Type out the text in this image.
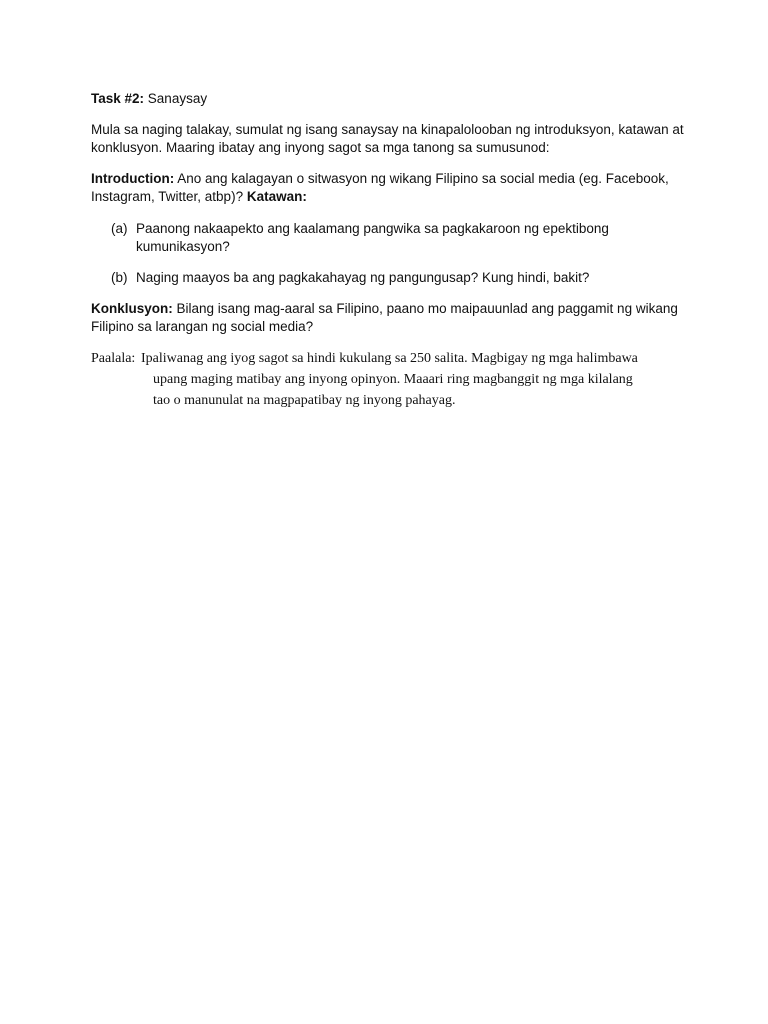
Task #2: Sanaysay

Mula sa naging talakay, sumulat ng isang sanaysay na kinapalolooban ng introduksyon, katawan at konklusyon. Maaring ibatay ang inyong sagot sa mga tanong sa sumusunod:

Introduction: Ano ang kalagayan o sitwasyon ng wikang Filipino sa social media (eg. Facebook, Instagram, Twitter, atbp)? Katawan:

(a) Paanong nakaapekto ang kaalamang pangwika sa pagkakaroon ng epektibong kumunikasyon?
(b) Naging maayos ba ang pagkakahayag ng pangungusap? Kung hindi, bakit?

Konklusyon: Bilang isang mag-aaral sa Filipino, paano mo maipauunlad ang paggamit ng wikang Filipino sa larangan ng social media?

Paalala: Ipaliwanag ang iyog sagot sa hindi kukulang sa 250 salita. Magbigay ng mga halimbawa
upang maging matibay ang inyong opinyon. Maaari ring magbanggit ng mga kilalang
tao o manunulat na magpapatibay ng inyong pahayag.
